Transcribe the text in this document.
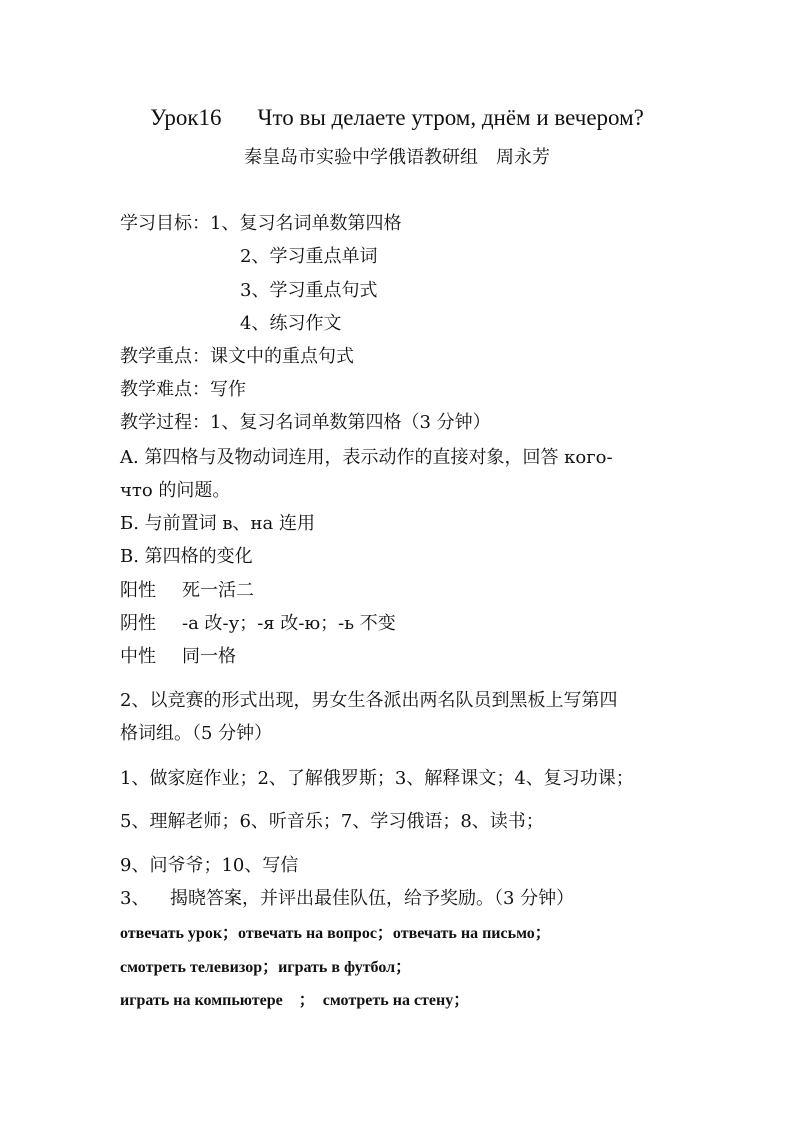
Урок16 Что вы делаете утром, днём и вечером?
秦皇岛市实验中学俄语教研组 周永芳
学习目标：1、复习名词单数第四格
2、学习重点单词
3、学习重点句式
4、练习作文
教学重点：课文中的重点句式
教学难点：写作
教学过程：1、复习名词单数第四格（3 分钟）
A. 第四格与及物动词连用，表示动作的直接对象，回答 кого-
что 的问题。
Б. 与前置词 в、на 连用
В. 第四格的变化
阳性 死一活二
阴性 -а 改-у；-я 改-ю；-ь 不变
中性 同一格
2、以竞赛的形式出现，男女生各派出两名队员到黑板上写第四
格词组。（5 分钟）
1、做家庭作业；2、了解俄罗斯；3、解释课文；4、复习功课；
5、理解老师；6、听音乐；7、学习俄语；8、读书；
9、问爷爷；10、写信
3、 揭晓答案，并评出最佳队伍，给予奖励。（3 分钟）
отвечать урок；отвечать на вопрос；отвечать на письмо；
смотреть телевизор；играть в футбол；
играть на компьютере　；　смотреть на стену；
